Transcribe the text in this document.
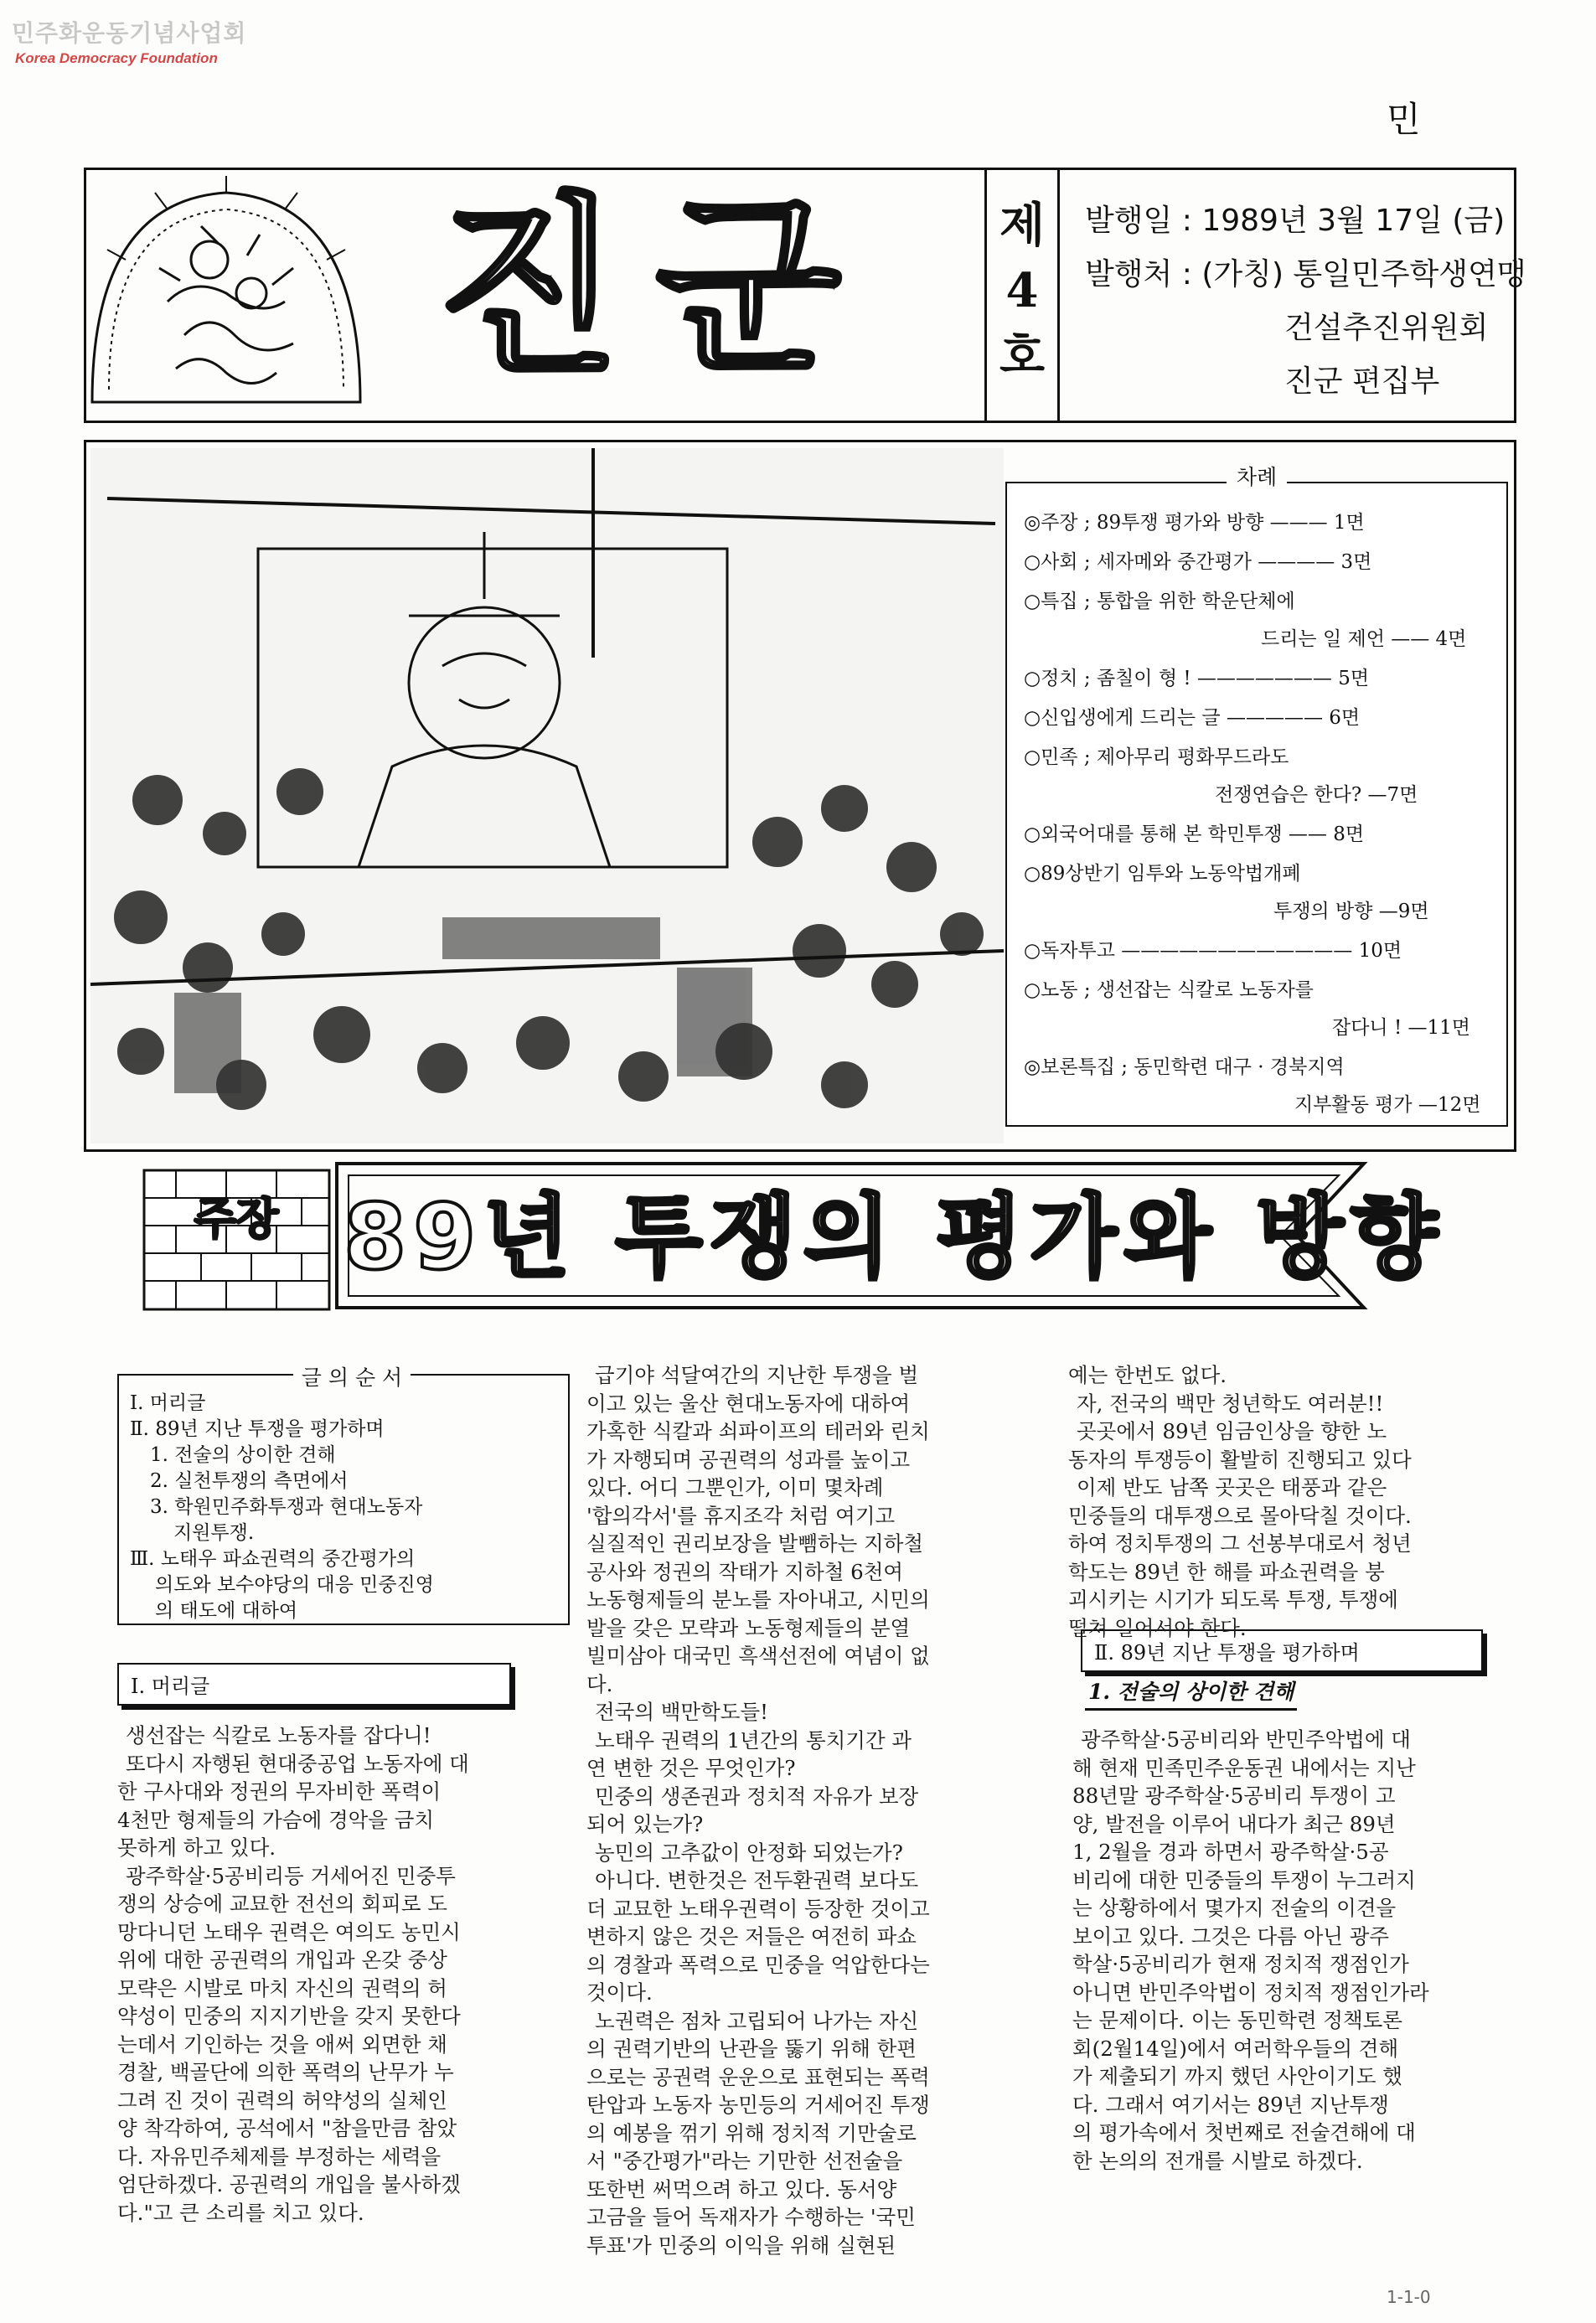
민주화운동기념사업회
Korea Democracy Foundation
민
진군	제
4
호
발행일 : 1989년 3월 17일 (금)
발행처 : (가칭) 통일민주학생연맹
건설추진위원회
진군 편집부
차례
◎주장 ; 89투쟁 평가와 방향 ——— 1면
○사회 ; 세자메와 중간평가 ———— 3면
○특집 ; 통합을 위한 학운단체에
드리는 일 제언 —— 4면
○정치 ; 좀칠이 형 ! ——————— 5면
○신입생에게 드리는 글 ————— 6면
○민족 ; 제아무리 평화무드라도
전쟁연습은 한다? —7면
○외국어대를 통해 본 학민투쟁 —— 8면
○89상반기 임투와 노동악법개폐
투쟁의 방향 —9면
○독자투고 ———————————— 10면
○노동 ; 생선잡는 식칼로 노동자를
잡다니 ! —11면
◎보론특집 ; 동민학련 대구 · 경북지역
지부활동 평가 —12면
주장 89년 투쟁의 평가와 방향
글 의 순 서
Ⅰ. 머리글
Ⅱ. 89년 지난 투쟁을 평가하며
1. 전술의 상이한 견해
2. 실천투쟁의 측면에서
3. 학원민주화투쟁과 현대노동자
지원투쟁.
Ⅲ. 노태우 파쇼권력의 중간평가의
의도와 보수야당의 대응 민중진영
의 태도에 대하여
Ⅰ. 머리글
Ⅱ. 89년 지난 투쟁을 평가하며
1. 전술의 상이한 견해
생선잡는 식칼로 노동자를 잡다니!
또다시 자행된 현대중공업 노동자에 대
한 구사대와 정권의 무자비한 폭력이
4천만 형제들의 가슴에 경악을 금치
못하게 하고 있다.
광주학살·5공비리등 거세어진 민중투
쟁의 상승에 교묘한 전선의 회피로 도
망다니던 노태우 권력은 여의도 농민시
위에 대한 공권력의 개입과 온갖 중상
모략은 시발로 마치 자신의 권력의 허
약성이 민중의 지지기반을 갖지 못한다
는데서 기인하는 것을 애써 외면한 채
경찰, 백골단에 의한 폭력의 난무가 누
그려 진 것이 권력의 허약성의 실체인
양 착각하여, 공석에서 "참을만큼 참았
다. 자유민주체제를 부정하는 세력을
엄단하겠다. 공권력의 개입을 불사하겠
다."고 큰 소리를 치고 있다.
급기야 석달여간의 지난한 투쟁을 벌
이고 있는 울산 현대노동자에 대하여
가혹한 식칼과 쇠파이프의 테러와 린치
가 자행되며 공권력의 성과를 높이고
있다. 어디 그뿐인가, 이미 몇차례
'합의각서'를 휴지조각 처럼 여기고
실질적인 권리보장을 발뺌하는 지하철
공사와 정권의 작태가 지하철 6천여
노동형제들의 분노를 자아내고, 시민의
발을 갖은 모략과 노동형제들의 분열
빌미삼아 대국민 흑색선전에 여념이 없
다.
전국의 백만학도들!
노태우 권력의 1년간의 통치기간 과
연 변한 것은 무엇인가?
민중의 생존권과 정치적 자유가 보장
되어 있는가?
농민의 고추값이 안정화 되었는가?
아니다. 변한것은 전두환권력 보다도
더 교묘한 노태우권력이 등장한 것이고
변하지 않은 것은 저들은 여전히 파쇼
의 경찰과 폭력으로 민중을 억압한다는
것이다.
노권력은 점차 고립되어 나가는 자신
의 권력기반의 난관을 뚫기 위해 한편
으로는 공권력 운운으로 표현되는 폭력
탄압과 노동자 농민등의 거세어진 투쟁
의 예봉을 꺾기 위해 정치적 기만술로
서 "중간평가"라는 기만한 선전술을
또한번 써먹으려 하고 있다. 동서양
고금을 들어 독재자가 수행하는 '국민
투표'가 민중의 이익을 위해 실현된
예는 한번도 없다.
자, 전국의 백만 청년학도 여러분!!
곳곳에서 89년 임금인상을 향한 노
동자의 투쟁등이 활발히 진행되고 있다
이제 반도 남쪽 곳곳은 태풍과 같은
민중들의 대투쟁으로 몰아닥칠 것이다.
하여 정치투쟁의 그 선봉부대로서 청년
학도는 89년 한 해를 파쇼권력을 붕
괴시키는 시기가 되도록 투쟁, 투쟁에
떨쳐 일어서야 한다.
광주학살·5공비리와 반민주악법에 대
해 현재 민족민주운동권 내에서는 지난
88년말 광주학살·5공비리 투쟁이 고
양, 발전을 이루어 내다가 최근 89년
1, 2월을 경과 하면서 광주학살·5공
비리에 대한 민중들의 투쟁이 누그러지
는 상황하에서 몇가지 전술의 이견을
보이고 있다. 그것은 다름 아닌 광주
학살·5공비리가 현재 정치적 쟁점인가
아니면 반민주악법이 정치적 쟁점인가라
는 문제이다. 이는 동민학련 정책토론
회(2월14일)에서 여러학우들의 견해
가 제출되기 까지 했던 사안이기도 했
다. 그래서 여기서는 89년 지난투쟁
의 평가속에서 첫번째로 전술견해에 대
한 논의의 전개를 시발로 하겠다.
1-1-0
